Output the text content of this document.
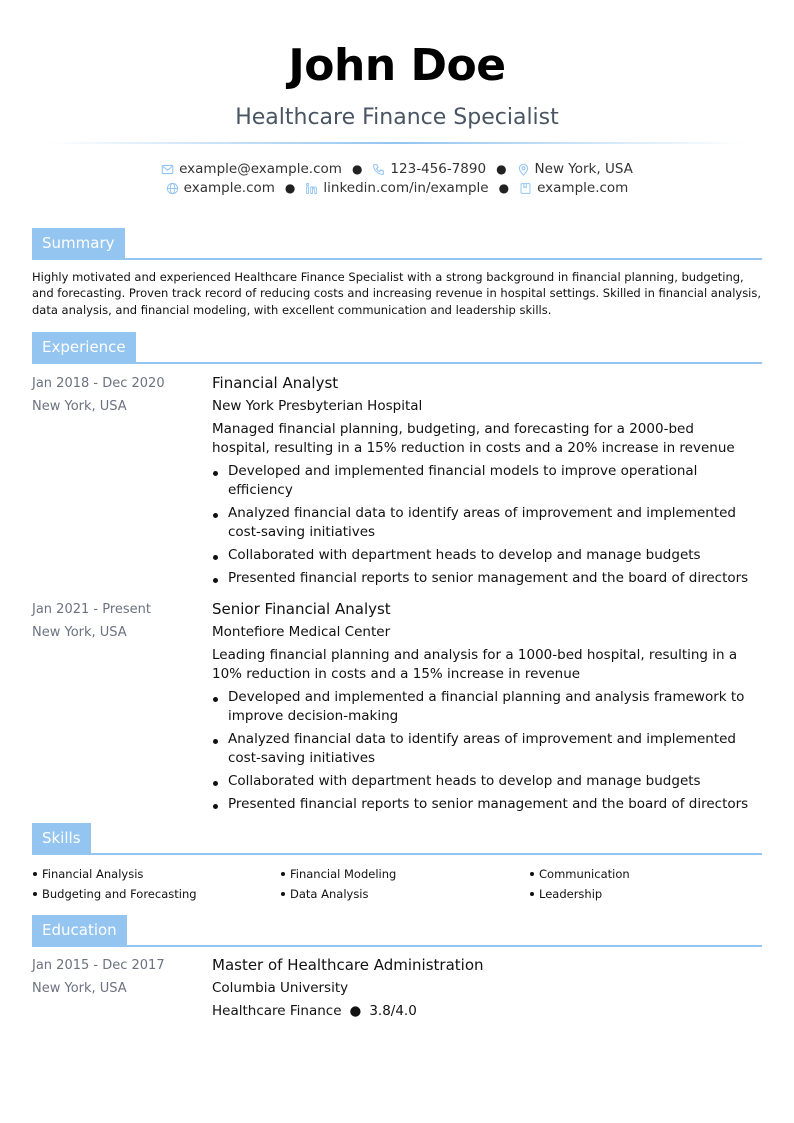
John Doe
Healthcare Finance Specialist
example@example.com ● 123-456-7890 ● New York, USA
example.com ● linkedin.com/in/example ● example.com
Summary
Highly motivated and experienced Healthcare Finance Specialist with a strong background in financial planning, budgeting, and forecasting. Proven track record of reducing costs and increasing revenue in hospital settings. Skilled in financial analysis, data analysis, and financial modeling, with excellent communication and leadership skills.
Experience
Jan 2018 - Dec 2020
New York, USA
Financial Analyst
New York Presbyterian Hospital
Managed financial planning, budgeting, and forecasting for a 2000-bed hospital, resulting in a 15% reduction in costs and a 20% increase in revenue
Developed and implemented financial models to improve operational efficiency
Analyzed financial data to identify areas of improvement and implemented cost-saving initiatives
Collaborated with department heads to develop and manage budgets
Presented financial reports to senior management and the board of directors
Jan 2021 - Present
New York, USA
Senior Financial Analyst
Montefiore Medical Center
Leading financial planning and analysis for a 1000-bed hospital, resulting in a 10% reduction in costs and a 15% increase in revenue
Developed and implemented a financial planning and analysis framework to improve decision-making
Analyzed financial data to identify areas of improvement and implemented cost-saving initiatives
Collaborated with department heads to develop and manage budgets
Presented financial reports to senior management and the board of directors
Skills
Financial Analysis	Financial Modeling	Communication
Budgeting and Forecasting	Data Analysis	Leadership
Education
Jan 2015 - Dec 2017
New York, USA
Master of Healthcare Administration
Columbia University
Healthcare Finance ● 3.8/4.0
